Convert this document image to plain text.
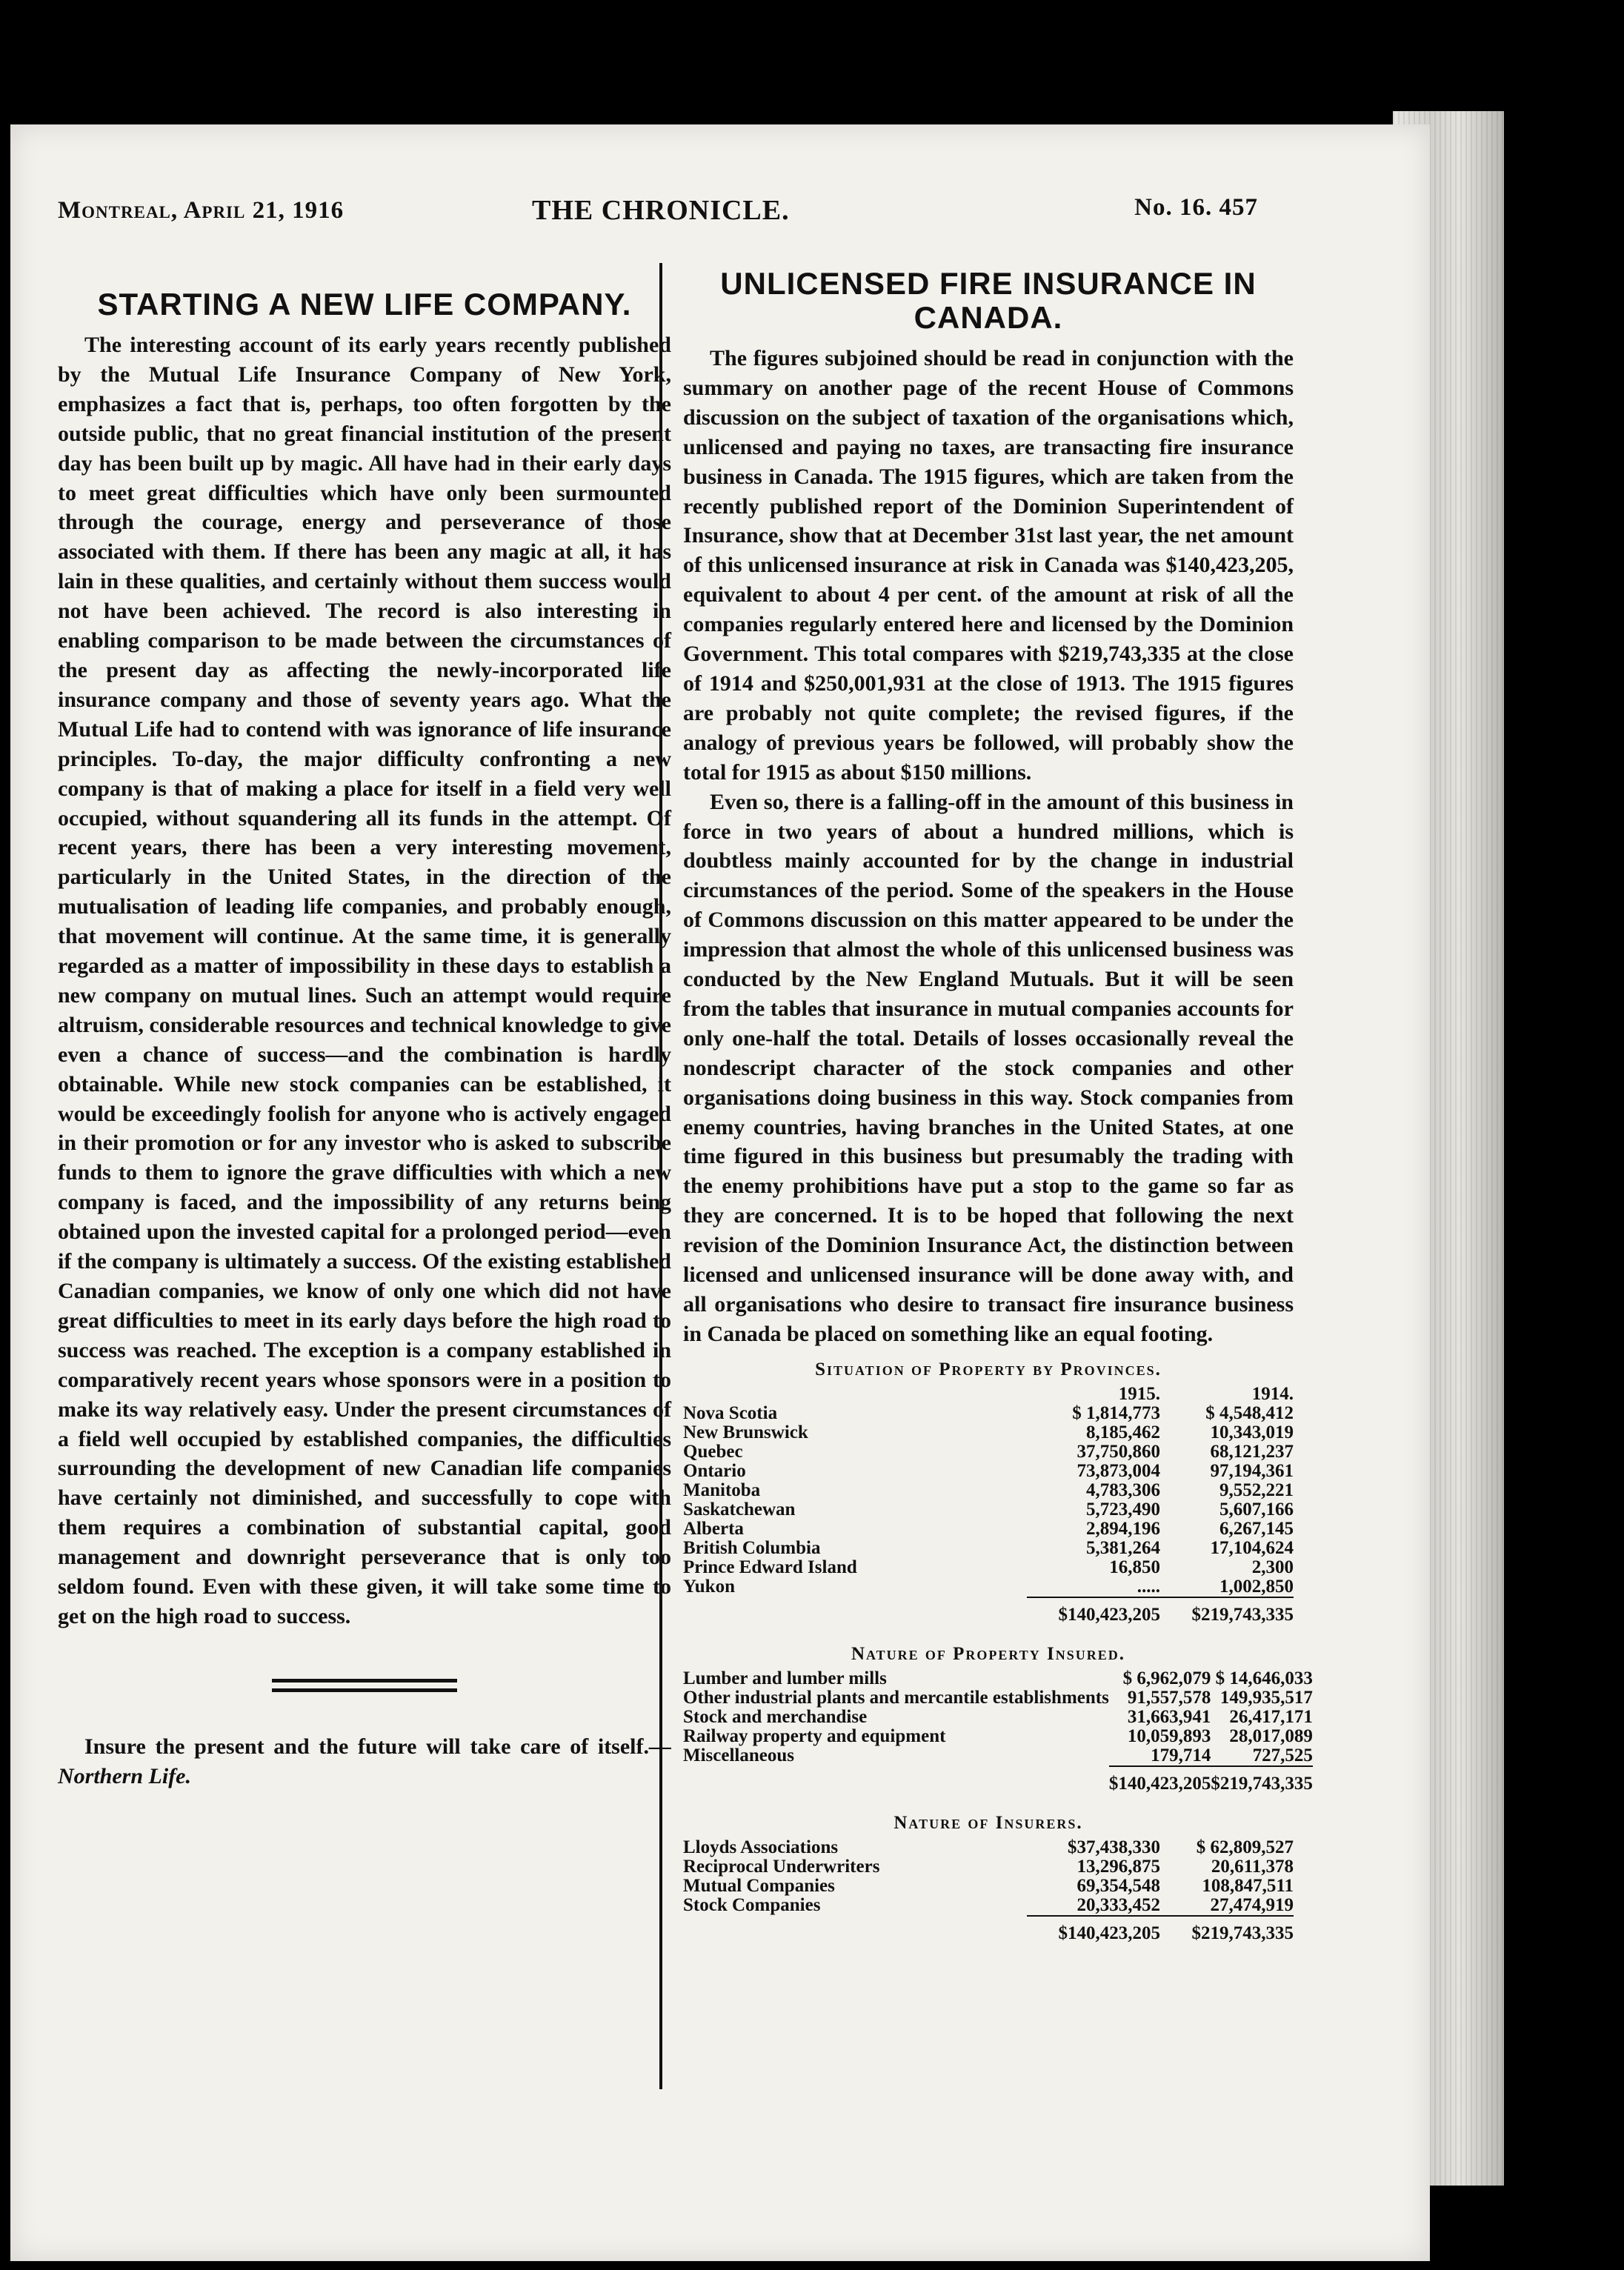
Montreal, April 21, 1916	THE CHRONICLE.	No. 16. 457
STARTING A NEW LIFE COMPANY.

The interesting account of its early years recently published by the Mutual Life Insurance Company of New York, emphasizes a fact that is, perhaps, too often forgotten by the outside public, that no great financial institution of the present day has been built up by magic. All have had in their early days to meet great difficulties which have only been surmounted through the courage, energy and perseverance of those associated with them. If there has been any magic at all, it has lain in these qualities, and certainly without them success would not have been achieved. The record is also interesting in enabling comparison to be made between the circumstances of the present day as affecting the newly-incorporated life insurance company and those of seventy years ago. What the Mutual Life had to contend with was ignorance of life insurance principles. To-day, the major difficulty confronting a new company is that of making a place for itself in a field very well occupied, without squandering all its funds in the attempt. Of recent years, there has been a very interesting movement, particularly in the United States, in the direction of the mutualisation of leading life companies, and probably enough, that movement will continue. At the same time, it is generally regarded as a matter of impossibility in these days to establish a new company on mutual lines. Such an attempt would require altruism, considerable resources and technical knowledge to give even a chance of success—and the combination is hardly obtainable. While new stock companies can be established, it would be exceedingly foolish for anyone who is actively engaged in their promotion or for any investor who is asked to subscribe funds to them to ignore the grave difficulties with which a new company is faced, and the impossibility of any returns being obtained upon the invested capital for a prolonged period—even if the company is ultimately a success. Of the existing established Canadian companies, we know of only one which did not have great difficulties to meet in its early days before the high road to success was reached. The exception is a company established in comparatively recent years whose sponsors were in a position to make its way relatively easy. Under the present circumstances of a field well occupied by established companies, the difficulties surrounding the development of new Canadian life companies have certainly not diminished, and successfully to cope with them requires a combination of substantial capital, good management and downright perseverance that is only too seldom found. Even with these given, it will take some time to get on the high road to success.

Insure the present and the future will take care of itself.—Northern Life.

UNLICENSED FIRE INSURANCE IN CANADA.

The figures subjoined should be read in conjunction with the summary on another page of the recent House of Commons discussion on the subject of taxation of the organisations which, unlicensed and paying no taxes, are transacting fire insurance business in Canada. The 1915 figures, which are taken from the recently published report of the Dominion Superintendent of Insurance, show that at December 31st last year, the net amount of this unlicensed insurance at risk in Canada was $140,423,205, equivalent to about 4 per cent. of the amount at risk of all the companies regularly entered here and licensed by the Dominion Government. This total compares with $219,743,335 at the close of 1914 and $250,001,931 at the close of 1913. The 1915 figures are probably not quite complete; the revised figures, if the analogy of previous years be followed, will probably show the total for 1915 as about $150 millions.

Even so, there is a falling-off in the amount of this business in force in two years of about a hundred millions, which is doubtless mainly accounted for by the change in industrial circumstances of the period. Some of the speakers in the House of Commons discussion on this matter appeared to be under the impression that almost the whole of this unlicensed business was conducted by the New England Mutuals. But it will be seen from the tables that insurance in mutual companies accounts for only one-half the total. Details of losses occasionally reveal the nondescript character of the stock companies and other organisations doing business in this way. Stock companies from enemy countries, having branches in the United States, at one time figured in this business but presumably the trading with the enemy prohibitions have put a stop to the game so far as they are concerned. It is to be hoped that following the next revision of the Dominion Insurance Act, the distinction between licensed and unlicensed insurance will be done away with, and all organisations who desire to transact fire insurance business in Canada be placed on something like an equal footing.

Situation of Property by Provinces.
	1915.	1914.
Nova Scotia	$ 1,814,773	$ 4,548,412
New Brunswick	8,185,462	10,343,019
Quebec	37,750,860	68,121,237
Ontario	73,873,004	97,194,361
Manitoba	4,783,306	9,552,221
Saskatchewan	5,723,490	5,607,166
Alberta	2,894,196	6,267,145
British Columbia	5,381,264	17,104,624
Prince Edward Island	16,850	2,300
Yukon	.....	1,002,850
	$140,423,205	$219,743,335
Nature of Property Insured.
Lumber and lumber mills	$ 6,962,079	$ 14,646,033
Other industrial plants and mercantile establishments	91,557,578	149,935,517
Stock and merchandise	31,663,941	26,417,171
Railway property and equipment	10,059,893	28,017,089
Miscellaneous	179,714	727,525
	$140,423,205	$219,743,335
Nature of Insurers.
Lloyds Associations	$37,438,330	$ 62,809,527
Reciprocal Underwriters	13,296,875	20,611,378
Mutual Companies	69,354,548	108,847,511
Stock Companies	20,333,452	27,474,919
	$140,423,205	$219,743,335
